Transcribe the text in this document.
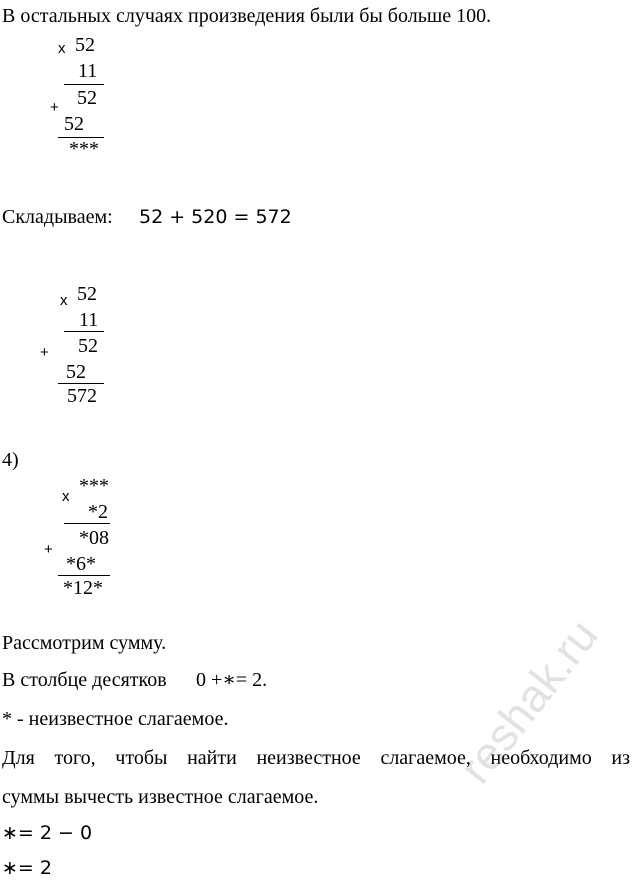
В остальных случаях произведения были бы больше 100.
x 52
11
+ 52
52
***
Складываем: 52 + 520 = 572
x 52
11
+ 52
52
572
4)
x ***
*2
+
*08
*6*
*12*
Рассмотрим сумму.
В столбце десятков 0 +∗= 2.
* - неизвестное слагаемое.
Для того, чтобы найти неизвестное слагаемое, необходимо из
суммы вычесть известное слагаемое.
∗= 2 − 0
∗= 2
reshak.ru
